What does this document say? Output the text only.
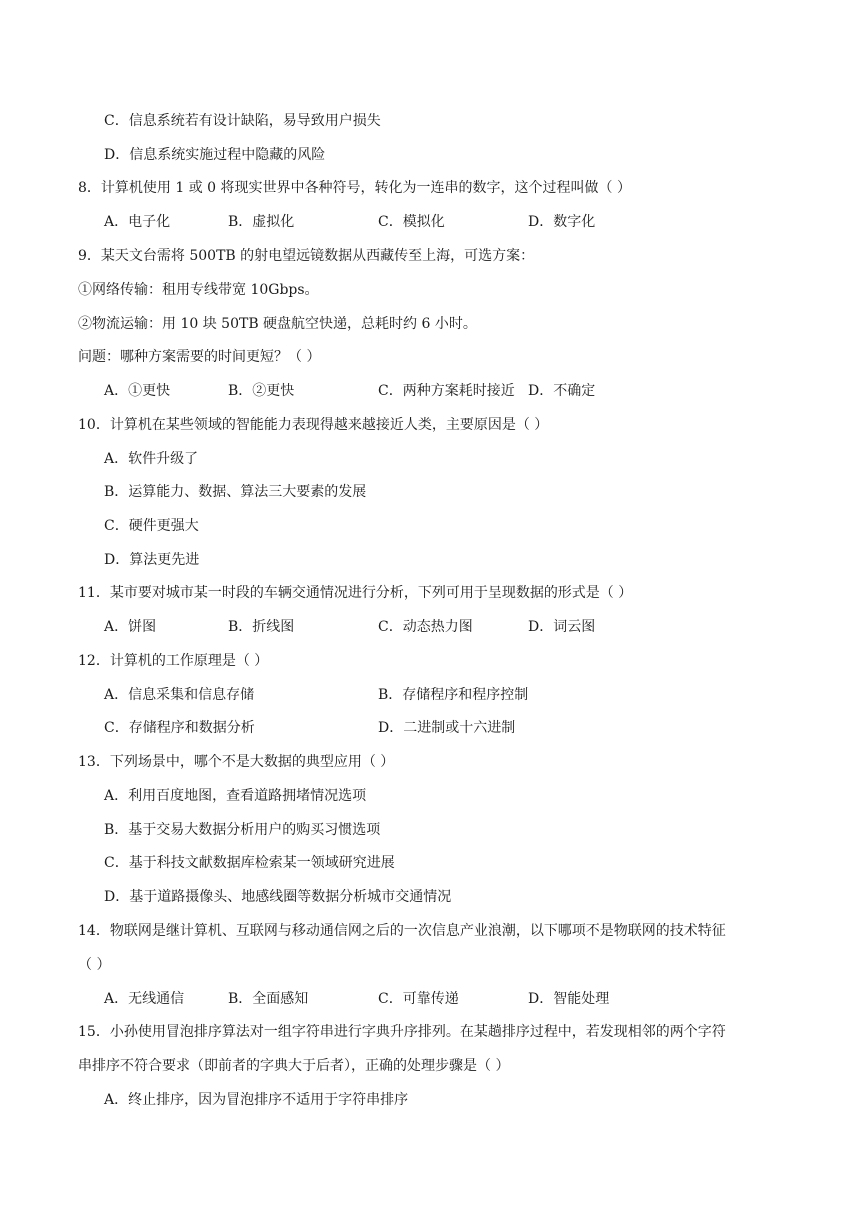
C．信息系统若有设计缺陷，易导致用户损失
D．信息系统实施过程中隐藏的风险
8．计算机使用 1 或 0 将现实世界中各种符号，转化为一连串的数字，这个过程叫做（ ）
A．电子化	B．虚拟化	C．模拟化	D．数字化
9．某天文台需将 500TB 的射电望远镜数据从西藏传至上海，可选方案：
①网络传输：租用专线带宽 10Gbps。
②物流运输：用 10 块 50TB 硬盘航空快递，总耗时约 6 小时。
问题：哪种方案需要的时间更短？（ ）
A．①更快	B．②更快	C．两种方案耗时接近 D．不确定
10．计算机在某些领域的智能能力表现得越来越接近人类，主要原因是（ ）
A．软件升级了
B．运算能力、数据、算法三大要素的发展
C．硬件更强大
D．算法更先进
11．某市要对城市某一时段的车辆交通情况进行分析，下列可用于呈现数据的形式是（ ）
A．饼图	B．折线图	C．动态热力图	D．词云图
12．计算机的工作原理是（ ）
A．信息采集和信息存储	B．存储程序和程序控制
C．存储程序和数据分析	D．二进制或十六进制
13．下列场景中，哪个不是大数据的典型应用（ ）
A．利用百度地图，查看道路拥堵情况选项
B．基于交易大数据分析用户的购买习惯选项
C．基于科技文献数据库检索某一领域研究进展
D．基于道路摄像头、地感线圈等数据分析城市交通情况
14．物联网是继计算机、互联网与移动通信网之后的一次信息产业浪潮，以下哪项不是物联网的技术特征
（ ）
A．无线通信	B．全面感知	C．可靠传递	D．智能处理
15．小孙使用冒泡排序算法对一组字符串进行字典升序排列。在某趟排序过程中，若发现相邻的两个字符
串排序不符合要求（即前者的字典大于后者），正确的处理步骤是（ ）
A．终止排序，因为冒泡排序不适用于字符串排序
